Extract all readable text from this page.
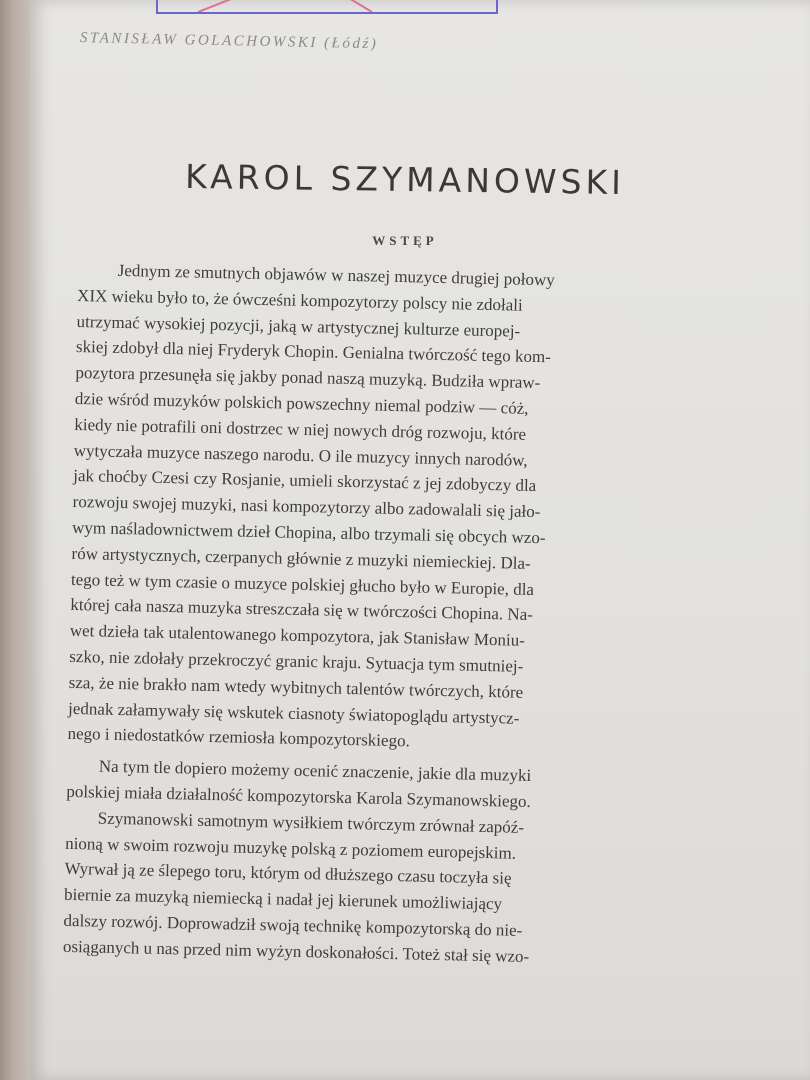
STANISŁAW GOLACHOWSKI (Łódź)

KAROL SZYMANOWSKI
WSTĘP

Jednym ze smutnych objawów w naszej muzyce drugiej połowy
XIX wieku było to, że ówcześni kompozytorzy polscy nie zdołali
utrzymać wysokiej pozycji, jaką w artystycznej kulturze europej-
skiej zdobył dla niej Fryderyk Chopin. Genialna twórczość tego kom-
pozytora przesunęła się jakby ponad naszą muzyką. Budziła wpraw-
dzie wśród muzyków polskich powszechny niemal podziw — cóż,
kiedy nie potrafili oni dostrzec w niej nowych dróg rozwoju, które
wytyczała muzyce naszego narodu. O ile muzycy innych narodów,
jak choćby Czesi czy Rosjanie, umieli skorzystać z jej zdobyczy dla
rozwoju swojej muzyki, nasi kompozytorzy albo zadowalali się jało-
wym naśladownictwem dzieł Chopina, albo trzymali się obcych wzo-
rów artystycznych, czerpanych głównie z muzyki niemieckiej. Dla-
tego też w tym czasie o muzyce polskiej głucho było w Europie, dla
której cała nasza muzyka streszczała się w twórczości Chopina. Na-
wet dzieła tak utalentowanego kompozytora, jak Stanisław Moniu-
szko, nie zdołały przekroczyć granic kraju. Sytuacja tym smutniej-
sza, że nie brakło nam wtedy wybitnych talentów twórczych, które
jednak załamywały się wskutek ciasnoty światopoglądu artystycz-
nego i niedostatków rzemiosła kompozytorskiego.

Na tym tle dopiero możemy ocenić znaczenie, jakie dla muzyki
polskiej miała działalność kompozytorska Karola Szymanowskiego.

Szymanowski samotnym wysiłkiem twórczym zrównał zapóź-
nioną w swoim rozwoju muzykę polską z poziomem europejskim.
Wyrwał ją ze ślepego toru, którym od dłuższego czasu toczyła się
biernie za muzyką niemiecką i nadał jej kierunek umożliwiający
dalszy rozwój. Doprowadził swoją technikę kompozytorską do nie-
osiąganych u nas przed nim wyżyn doskonałości. Toteż stał się wzo-
